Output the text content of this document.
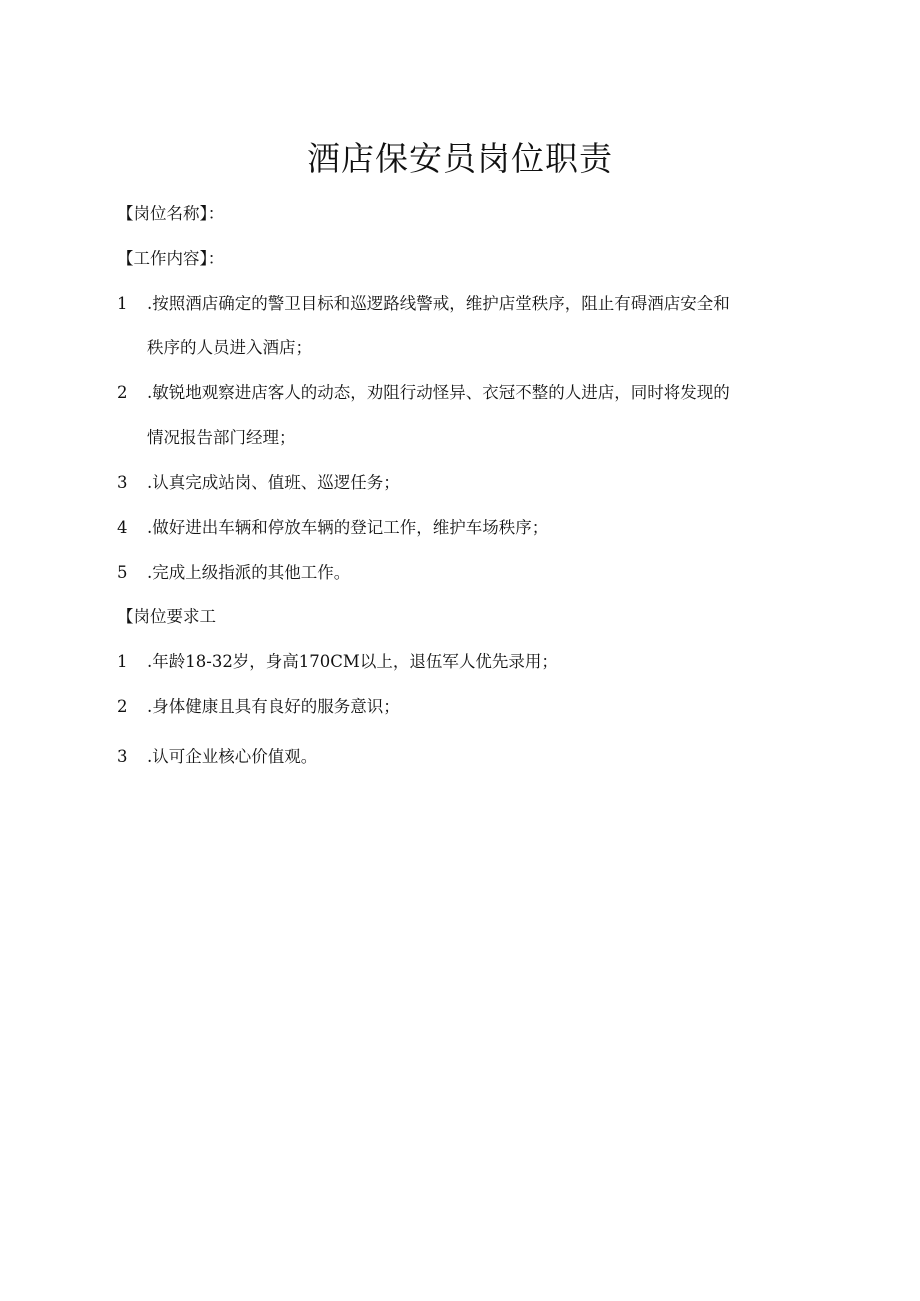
酒店保安员岗位职责

【岗位名称】：

【工作内容】：

1 .按照酒店确定的警卫目标和巡逻路线警戒，维护店堂秩序，阻止有碍酒店安全和

秩序的人员进入酒店；

2 .敏锐地观察进店客人的动态，劝阻行动怪异、衣冠不整的人进店，同时将发现的

情况报告部门经理；

3 .认真完成站岗、值班、巡逻任务；

4 .做好进出车辆和停放车辆的登记工作，维护车场秩序；

5 .完成上级指派的其他工作。

【岗位要求工

1 .年龄18-32岁，身高170CM以上，退伍军人优先录用；

2 .身体健康且具有良好的服务意识；

3 .认可企业核心价值观。
